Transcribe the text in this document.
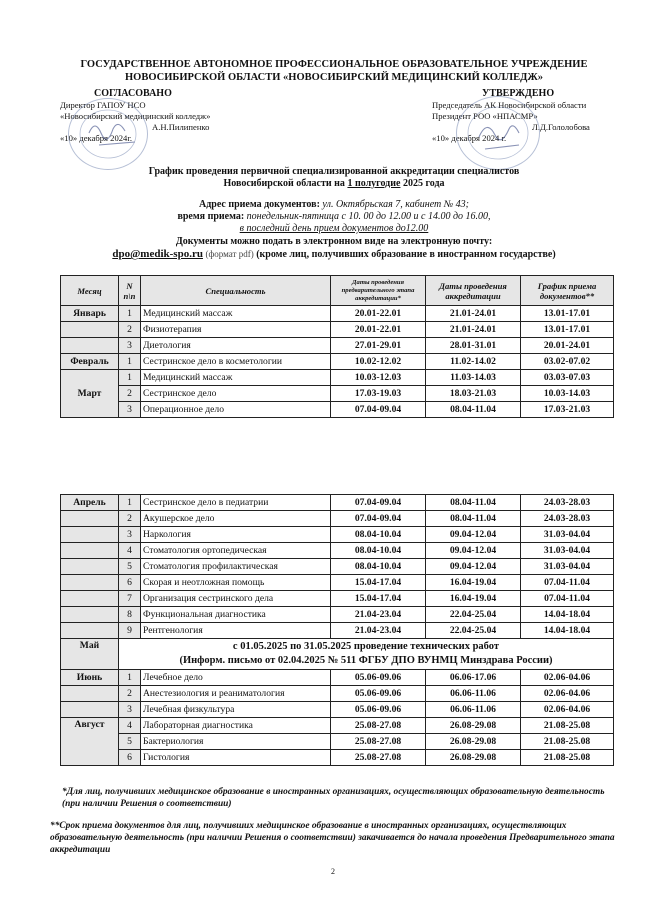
ГОСУДАРСТВЕННОЕ АВТОНОМНОЕ ПРОФЕССИОНАЛЬНОЕ ОБРАЗОВАТЕЛЬНОЕ УЧРЕЖДЕНИЕ
НОВОСИБИРСКОЙ ОБЛАСТИ «НОВОСИБИРСКИЙ МЕДИЦИНСКИЙ КОЛЛЕДЖ»
СОГЛАСОВАНО
Директор ГАПОУ НСО
«Новосибирский медицинский колледж»
А.Н.Пилипенко
«10» декабря 2024г.
УТВЕРЖДЕНО
Председатель АК Новосибирской области
Президент РОО «НПАСМР»
Л.Д.Гололобова
«10» декабря 2024 г.
График проведения первичной специализированной аккредитации специалистов
Новосибирской области на 1 полугодие 2025 года
Адрес приема документов: ул. Октябрьская 7, кабинет № 43;
время приема: понедельник-пятница с 10. 00 до 12.00 и с 14.00 до 16.00,
в последний день прием документов до12.00
Документы можно подать в электронном виде на электронную почту:
dpo@medik-spo.ru (формат pdf) (кроме лиц, получивших образование в иностранном государстве)
Месяц	N п\п	Специальность	Даты проведения предварительного этапа аккредитации*	Даты проведения аккредитации	График приема документов**
Январь	1	Медицинский массаж	20.01-22.01	21.01-24.01	13.01-17.01
	2	Физиотерапия	20.01-22.01	21.01-24.01	13.01-17.01
	3	Диетология	27.01-29.01	28.01-31.01	20.01-24.01
Февраль	1	Сестринское дело в косметологии	10.02-12.02	11.02-14.02	03.02-07.02
Март	1	Медицинский массаж	10.03-12.03	11.03-14.03	03.03-07.03
	2	Сестринское дело	17.03-19.03	18.03-21.03	10.03-14.03
	3	Операционное дело	07.04-09.04	08.04-11.04	17.03-21.03
Апрель	1	Сестринское дело в педиатрии	07.04-09.04	08.04-11.04	24.03-28.03
	2	Акушерское дело	07.04-09.04	08.04-11.04	24.03-28.03
	3	Наркология	08.04-10.04	09.04-12.04	31.03-04.04
	4	Стоматология ортопедическая	08.04-10.04	09.04-12.04	31.03-04.04
	5	Стоматология профилактическая	08.04-10.04	09.04-12.04	31.03-04.04
	6	Скорая и неотложная помощь	15.04-17.04	16.04-19.04	07.04-11.04
	7	Организация сестринского дела	15.04-17.04	16.04-19.04	07.04-11.04
	8	Функциональная диагностика	21.04-23.04	22.04-25.04	14.04-18.04
	9	Рентгенология	21.04-23.04	22.04-25.04	14.04-18.04
Май	с 01.05.2025 по 31.05.2025 проведение технических работ
(Информ. письмо от 02.04.2025 № 511 ФГБУ ДПО ВУНМЦ Минздрава России)				

Июнь	1	Лечебное дело	05.06-09.06	06.06-17.06	02.06-04.06
	2	Анестезиология и реаниматология	05.06-09.06	06.06-11.06	02.06-04.06
	3	Лечебная физкультура	05.06-09.06	06.06-11.06	02.06-04.06
Август	4	Лабораторная диагностика	25.08-27.08	26.08-29.08	21.08-25.08
	5	Бактериология	25.08-27.08	26.08-29.08	21.08-25.08
	6	Гистология	25.08-27.08	26.08-29.08	21.08-25.08
*Для лиц, получивших медицинское образование в иностранных организациях, осуществляющих образовательную деятельность (при наличии Решения о соответствии)
**Срок приема документов для лиц, получивших медицинское образование в иностранных организациях, осуществляющих образовательную деятельность (при наличии Решения о соответствии) закачивается до начала проведения Предварительного этапа аккредитации
2
